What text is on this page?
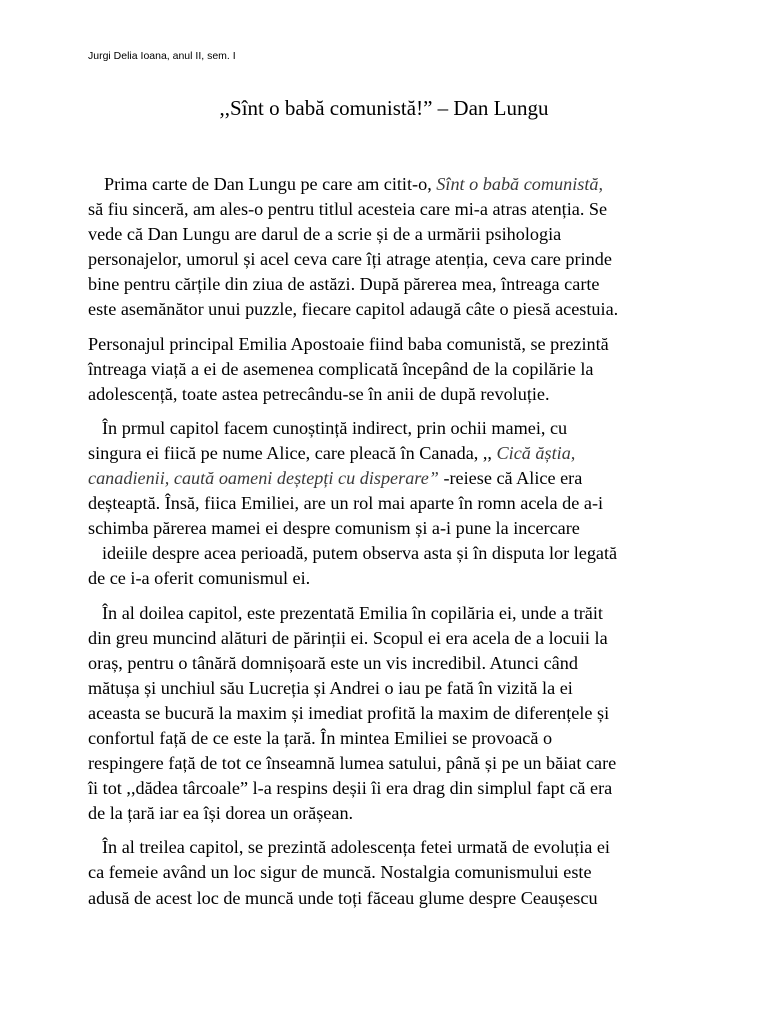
Jurgi Delia Ioana, anul II, sem. I
,,Sînt o babă comunistă!” – Dan Lungu

Prima carte de Dan Lungu pe care am citit-o, Sînt o babă comunistă,
să fiu sinceră, am ales-o pentru titlul acesteia care mi-a atras atenția. Se
vede că Dan Lungu are darul de a scrie și de a urmării psihologia
personajelor, umorul și acel ceva care îți atrage atenția, ceva care prinde
bine pentru cărțile din ziua de astăzi. După părerea mea, întreaga carte
este asemănător unui puzzle, fiecare capitol adaugă câte o piesă acestuia.

Personajul principal Emilia Apostoaie fiind baba comunistă, se prezintă
întreaga viață a ei de asemenea complicată începând de la copilărie la
adolescență, toate astea petrecându-se în anii de după revoluție.

În prmul capitol facem cunoștință indirect, prin ochii mamei, cu
singura ei fiică pe nume Alice, care pleacă în Canada, ,, Cică ăștia,
canadienii, caută oameni deștepți cu disperare” -reiese că Alice era
deșteaptă. Însă, fiica Emiliei, are un rol mai aparte în romn acela de a-i
schimba părerea mamei ei despre comunism și a-i pune la incercare
ideiile despre acea perioadă, putem observa asta și în disputa lor legată
de ce i-a oferit comunismul ei.

În al doilea capitol, este prezentată Emilia în copilăria ei, unde a trăit
din greu muncind alături de părinții ei. Scopul ei era acela de a locuii la
oraș, pentru o tânără domnișoară este un vis incredibil. Atunci când
mătușa și unchiul său Lucreția și Andrei o iau pe fată în vizită la ei
aceasta se bucură la maxim și imediat profită la maxim de diferențele și
confortul față de ce este la țară. În mintea Emiliei se provoacă o
respingere față de tot ce înseamnă lumea satului, până și pe un băiat care
îi tot ,,dădea târcoale” l-a respins deșii îi era drag din simplul fapt că era
de la țară iar ea își dorea un orășean.

În al treilea capitol, se prezintă adolescența fetei urmată de evoluția ei
ca femeie având un loc sigur de muncă. Nostalgia comunismului este
adusă de acest loc de muncă unde toți făceau glume despre Ceaușescu
